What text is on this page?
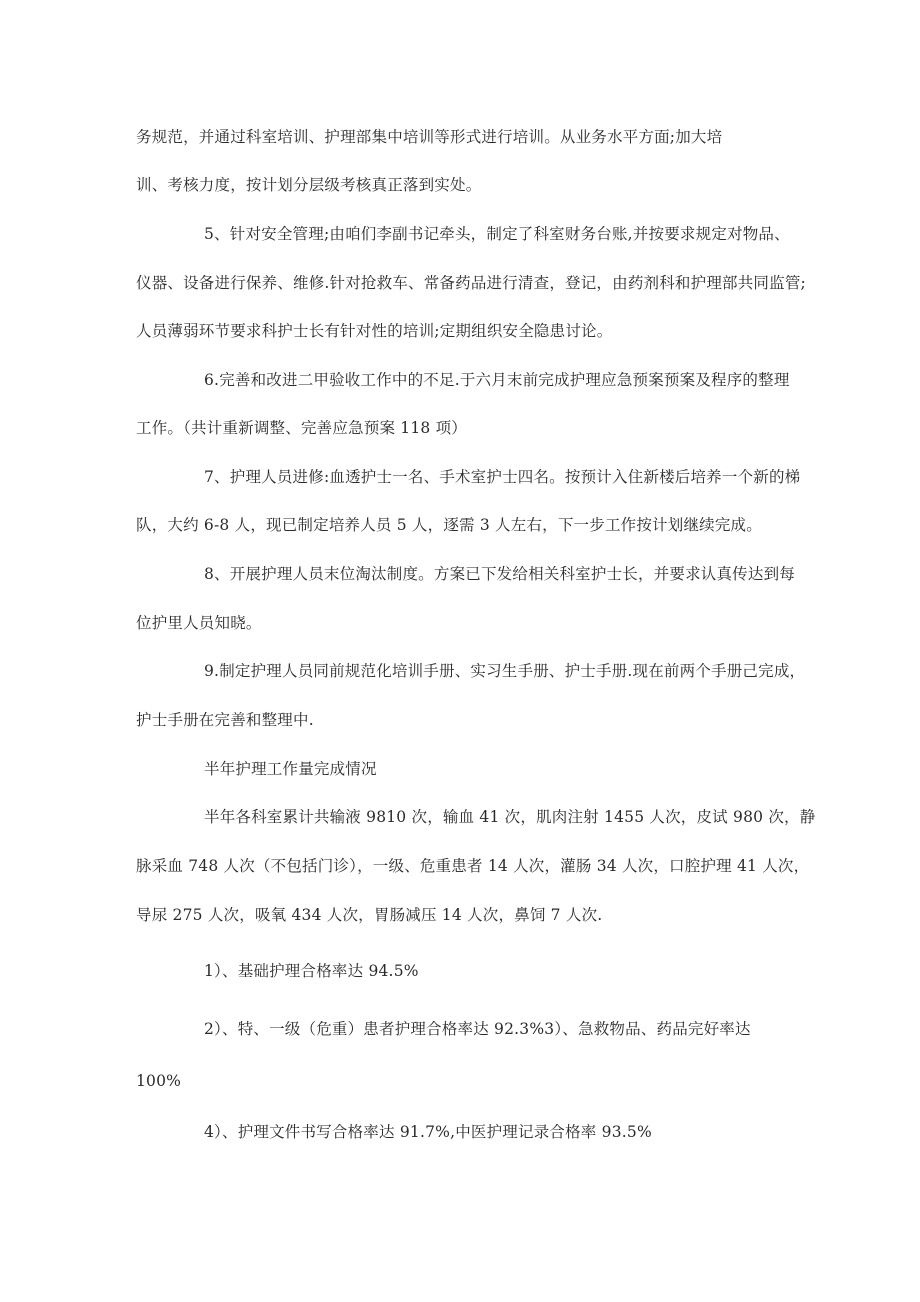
务规范，并通过科室培训、护理部集中培训等形式进行培训。从业务水平方面;加大培
训、考核力度，按计划分层级考核真正落到实处。
5、针对安全管理;由咱们李副书记牵头，制定了科室财务台账,并按要求规定对物品、
仪器、设备进行保养、维修.针对抢救车、常备药品进行清查，登记，由药剂科和护理部共同监管;
人员薄弱环节要求科护士长有针对性的培训;定期组织安全隐患讨论。
6.完善和改进二甲验收工作中的不足.于六月末前完成护理应急预案预案及程序的整理
工作。（共计重新调整、完善应急预案 118 项）
7、护理人员进修:血透护士一名、手术室护士四名。按预计入住新楼后培养一个新的梯
队，大约 6-8 人，现已制定培养人员 5 人，逐需 3 人左右，下一步工作按计划继续完成。
8、开展护理人员末位淘汰制度。方案已下发给相关科室护士长，并要求认真传达到每
位护里人员知晓。
9.制定护理人员同前规范化培训手册、实习生手册、护士手册.现在前两个手册己完成，
护士手册在完善和整理中.
半年护理工作量完成情况
半年各科室累计共输液 9810 次，输血 41 次，肌肉注射 1455 人次，皮试 980 次，静
脉采血 748 人次（不包括门诊），一级、危重患者 14 人次，灌肠 34 人次，口腔护理 41 人次，
导尿 275 人次，吸氧 434 人次，胃肠减压 14 人次，鼻饲 7 人次.
1）、基础护理合格率达 94.5%
2）、特、一级（危重）患者护理合格率达 92.3%3）、急救物品、药品完好率达
100%
4）、护理文件书写合格率达 91.7%,中医护理记录合格率 93.5%
